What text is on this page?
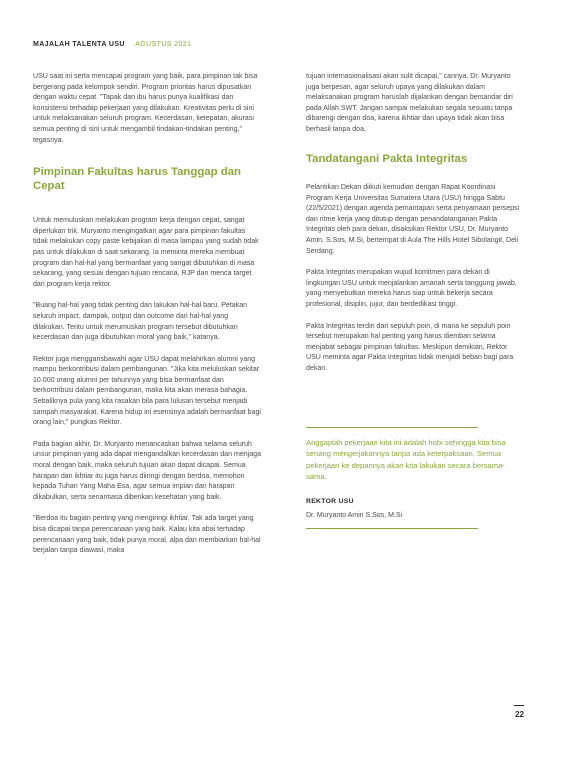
MAJALAH TALENTA USU AGUSTUS 2021

USU saat ini serta mencapai program yang baik, para pimpinan tak bisa bergerang pada kelompok sendiri. Program prioritas harus dipusatkan dengan waktu cepat. "Tapak dan ibu harus punya kualifikasi dan konsistensi terhadap pekerjaan yang dilakukan. Kreativitas perlu di sini untuk melaksanakan seluruh program. Kecerdasan, ketepatan, akurasi semua penting di sini untuk mengambil tindakan-tindakan penting," tegasnya.

Pimpinan Fakultas harus Tanggap dan Cepat

Untuk memuluskan melakukan program kerja dengan cepat, sangat diperlukan trik. Muryanto mengingatkan agar para pimpinan fakultas tidak melakukan copy paste kebijakan di masa lampau yang sudah tidak pas untuk dilakukan di saat sekarang. Ia meminta mereka membuat program dan hal-hal yang bermanfaat yang sangat dibutuhkan di masa sekarang, yang sesuai dengan tujuan rencana, RJP dan menca target dari program kerja rektor.

"Buang hal-hal yang tidak penting dan lakukan hal-hal baru. Petakan seluruh impact, dampak, output dan outcome dari hal-hal yang dilakukan. Tentu untuk merumuskan program tersebut dibutuhkan kecerdasan dan juga dibutuhkan moral yang baik," katanya.

Rektor juga menggarisbawahi agar USU dapat melahirkan alumni yang mampu berkontribusi dalam pembangunan. "Jika kita meluluskan sekitar 10.000 orang alumni per tahunnya yang bisa bermanfaat dan berkontribusi dalam pembangunan, maka kita akan merasa bahagia. Sebaliknya pula yang kita rasakan bila para lulusan tersebut menjadi sampah masyarakat. Karena hidup ini esensinya adalah bermanfaat bagi orang lain," pungkas Rektor.

Pada bagian akhir, Dr. Muryanto menancaskan bahwa selama seluruh unsur pimpinan yang ada dapat mengandalkan kecerdasan dan menjaga moral dengan baik, maka seluruh tujuan akan dapat dicapai. Semua harapan dan ikhtiar itu juga harus diiringi dengan berdoa, memohon kepada Tuhan Yang Maha Esa, agar semua impian dan harapan dikabulkan, serta senantiasa diberikan kesehatan yang baik.

"Berdoa itu bagian penting yang mengiringi ikhtiar. Tak ada target yang bisa dicapai tanpa perencanaan yang baik. Kalau kita abai terhadap perencanaan yang baik, tidak punya moral, alpa dan membiarkan hal-hal berjalan tanpa diawasi, maka

tujuan internasionalisasi akan sulit dicapai," cannya. Dr. Muryanto juga berpesan, agar seluruh upaya yang dilakukan dalam melaksanakan program haruslah dijalankan dengan bersandar diri pada Allah SWT. Jangan sampai melakukan segala sesuatu tanpa dibarengi dengan doa, karena ikhtiar dan upaya tidak akan bisa berhasil tanpa doa.

Tandatangani Pakta Integritas

Pelantikan Dekan diikuti kemudian dengan Rapat Koordinasi Program Kerja Universitas Sumatera Utara (USU) hingga Sabtu (22/5/2021) dengan agenda pemantapan serta penyamaan persepsi dan ritme kerja yang ditutup dengan penandatanganan Pakta Integritas oleh para dekan, disaksikan Rektor USU, Dr. Muryanto Amin, S.Sos, M.Si, bertempat di Aula The Hills Hotel Sibolangit, Deli Serdang.

Pakta Integritas merupakan wujud komitmen para dekan di lingkungan USU untuk menjalankan amanah serta tanggung jawab, yang menyebutkan mereka harus siap untuk bekerja secara profesional, disiplin, jujur, dan berdedikasi tinggi.

Pakta Integritas terdiri dari sepuluh poin, di mana ke sepuluh poin tersebut merupakan hal penting yang harus diemban selama menjabat sebagai pimpinan fakultas. Meskipun demikian, Rektor USU meminta agar Pakta Integritas tidak menjadi beban bagi para dekan.

Anggaplah pekerjaan kita ini adalah hobi sehingga kita bisa senang mengerjakannya tanpa ada keterpaksaan. Semua pekerjaan ke depannya akan kita lakukan secara bersama-sama.
REKTOR USU
Dr. Muryanto Amin S.Sos, M.Si
22
